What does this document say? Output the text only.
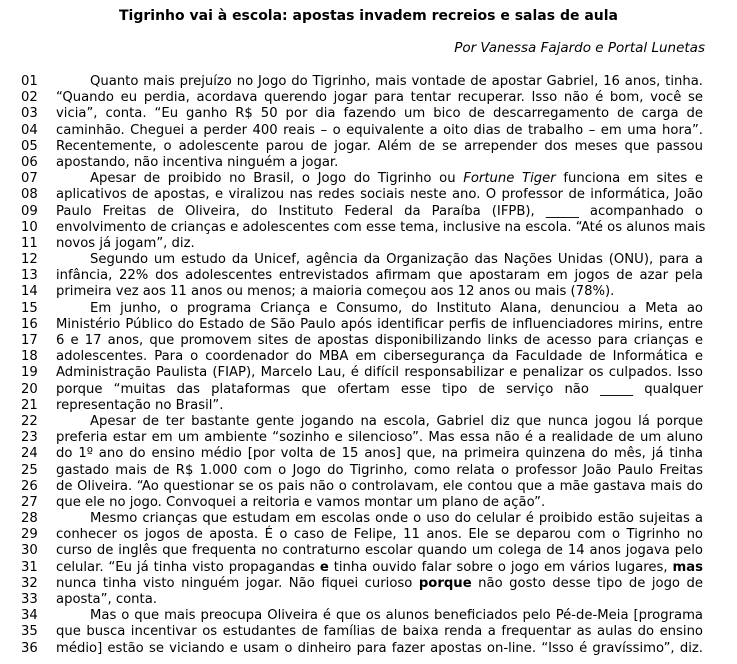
Tigrinho vai à escola: apostas invadem recreios e salas de aula
Por Vanessa Fajardo e Portal Lunetas
01	Quanto mais prejuízo no Jogo do Tigrinho, mais vontade de apostar Gabriel, 16 anos, tinha.
02	“Quando eu perdia, acordava querendo jogar para tentar recuperar. Isso não é bom, você se
03	vicia”, conta. “Eu ganho R$ 50 por dia fazendo um bico de descarregamento de carga de
04	caminhão. Cheguei a perder 400 reais – o equivalente a oito dias de trabalho – em uma hora”.
05	Recentemente, o adolescente parou de jogar. Além de se arrepender dos meses que passou
06	apostando, não incentiva ninguém a jogar.
07	Apesar de proibido no Brasil, o Jogo do Tigrinho ou Fortune Tiger funciona em sites e
08	aplicativos de apostas, e viralizou nas redes sociais neste ano. O professor de informática, João
09	Paulo Freitas de Oliveira, do Instituto Federal da Paraíba (IFPB), _____ acompanhado o
10	envolvimento de crianças e adolescentes com esse tema, inclusive na escola. “Até os alunos mais
11	novos já jogam”, diz.
12	Segundo um estudo da Unicef, agência da Organização das Nações Unidas (ONU), para a
13	infância, 22% dos adolescentes entrevistados afirmam que apostaram em jogos de azar pela
14	primeira vez aos 11 anos ou menos; a maioria começou aos 12 anos ou mais (78%).
15	Em junho, o programa Criança e Consumo, do Instituto Alana, denunciou a Meta ao
16	Ministério Público do Estado de São Paulo após identificar perfis de influenciadores mirins, entre
17	6 e 17 anos, que promovem sites de apostas disponibilizando links de acesso para crianças e
18	adolescentes. Para o coordenador do MBA em cibersegurança da Faculdade de Informática e
19	Administração Paulista (FIAP), Marcelo Lau, é difícil responsabilizar e penalizar os culpados. Isso
20	porque “muitas das plataformas que ofertam esse tipo de serviço não _____ qualquer
21	representação no Brasil”.
22	Apesar de ter bastante gente jogando na escola, Gabriel diz que nunca jogou lá porque
23	preferia estar em um ambiente “sozinho e silencioso”. Mas essa não é a realidade de um aluno
24	do 1º ano do ensino médio [por volta de 15 anos] que, na primeira quinzena do mês, já tinha
25	gastado mais de R$ 1.000 com o Jogo do Tigrinho, como relata o professor João Paulo Freitas
26	de Oliveira. “Ao questionar se os pais não o controlavam, ele contou que a mãe gastava mais do
27	que ele no jogo. Convoquei a reitoria e vamos montar um plano de ação”.
28	Mesmo crianças que estudam em escolas onde o uso do celular é proibido estão sujeitas a
29	conhecer os jogos de aposta. É o caso de Felipe, 11 anos. Ele se deparou com o Tigrinho no
30	curso de inglês que frequenta no contraturno escolar quando um colega de 14 anos jogava pelo
31	celular. “Eu já tinha visto propagandas e tinha ouvido falar sobre o jogo em vários lugares, mas
32	nunca tinha visto ninguém jogar. Não fiquei curioso porque não gosto desse tipo de jogo de
33	aposta”, conta.
34	Mas o que mais preocupa Oliveira é que os alunos beneficiados pelo Pé-de-Meia [programa
35	que busca incentivar os estudantes de famílias de baixa renda a frequentar as aulas do ensino
36	médio] estão se viciando e usam o dinheiro para fazer apostas on-line. “Isso é gravíssimo”, diz.
